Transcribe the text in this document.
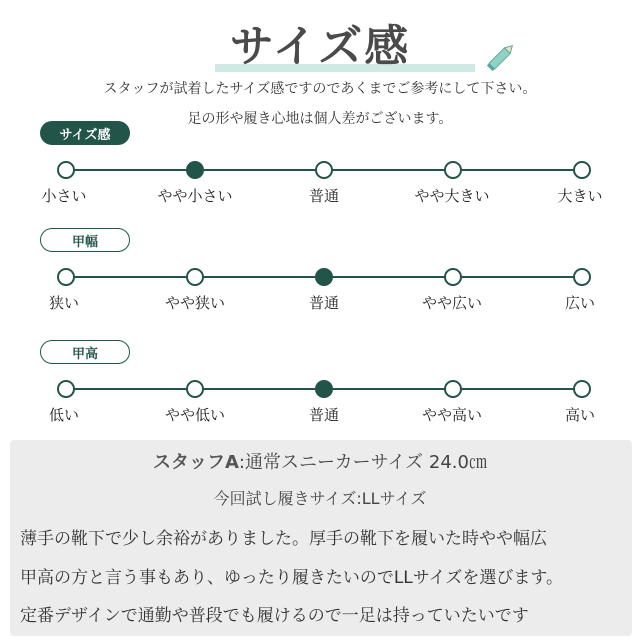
サイズ感
スタッフが試着したサイズ感ですのであくまでご参考にして下さい。
足の形や履き心地は個人差がございます。
サイズ感
小さい	やや小さい	普通	やや大きい	大きい
甲幅
狭い	やや狭い	普通	やや広い	広い
甲高
低い	やや低い	普通	やや高い	高い
スタッフA:通常スニーカーサイズ 24.0㎝
今回試し履きサイズ:LLサイズ
薄手の靴下で少し余裕がありました。厚手の靴下を履いた時やや幅広
甲高の方と言う事もあり、ゆったり履きたいのでLLサイズを選びます。
定番デザインで通勤や普段でも履けるので一足は持っていたいです
